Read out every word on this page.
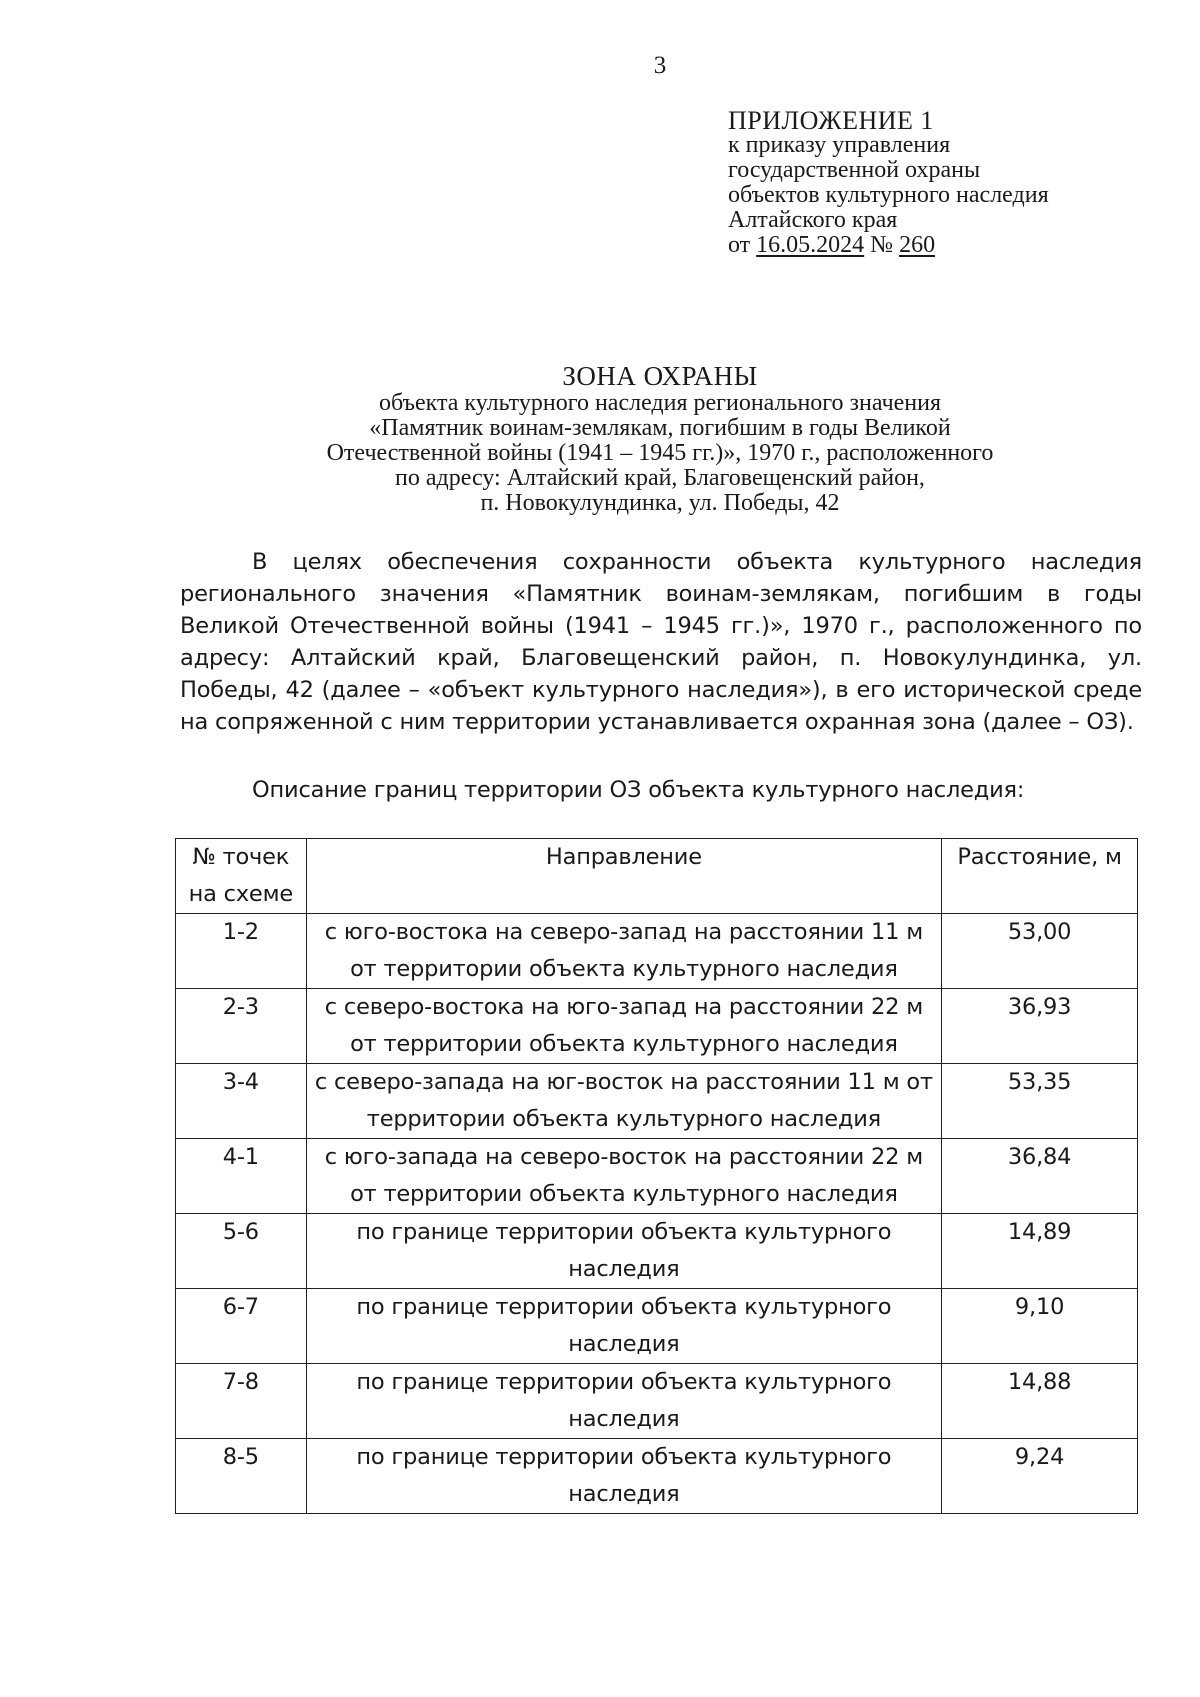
3
ПРИЛОЖЕНИЕ 1
к приказу управления
государственной охраны
объектов культурного наследия
Алтайского края
от 16.05.2024 № 260
ЗОНА ОХРАНЫ
объекта культурного наследия регионального значения
«Памятник воинам-землякам, погибшим в годы Великой
Отечественной войны (1941 – 1945 гг.)», 1970 г., расположенного
по адресу: Алтайский край, Благовещенский район,
п. Новокулундинка, ул. Победы, 42
В целях обеспечения сохранности объекта культурного наследия регионального значения «Памятник воинам-землякам, погибшим в годы Великой Отечественной войны (1941 – 1945 гг.)», 1970 г., расположенного по адресу: Алтайский край, Благовещенский район, п. Новокулундинка, ул. Победы, 42 (далее – «объект культурного наследия»), в его исторической среде на сопряженной с ним территории устанавливается охранная зона (далее – ОЗ).
Описание границ территории ОЗ объекта культурного наследия:
№ точек на схеме	Направление	Расстояние, м
1-2	с юго-востока на северо-запад на расстоянии 11 м от территории объекта культурного наследия	53,00
2-3	с северо-востока на юго-запад на расстоянии 22 м от территории объекта культурного наследия	36,93
3-4	с северо-запада на юг-восток на расстоянии 11 м от территории объекта культурного наследия	53,35
4-1	с юго-запада на северо-восток на расстоянии 22 м от территории объекта культурного наследия	36,84
5-6	по границе территории объекта культурного наследия	14,89
6-7	по границе территории объекта культурного наследия	9,10
7-8	по границе территории объекта культурного наследия	14,88
8-5	по границе территории объекта культурного наследия	9,24
